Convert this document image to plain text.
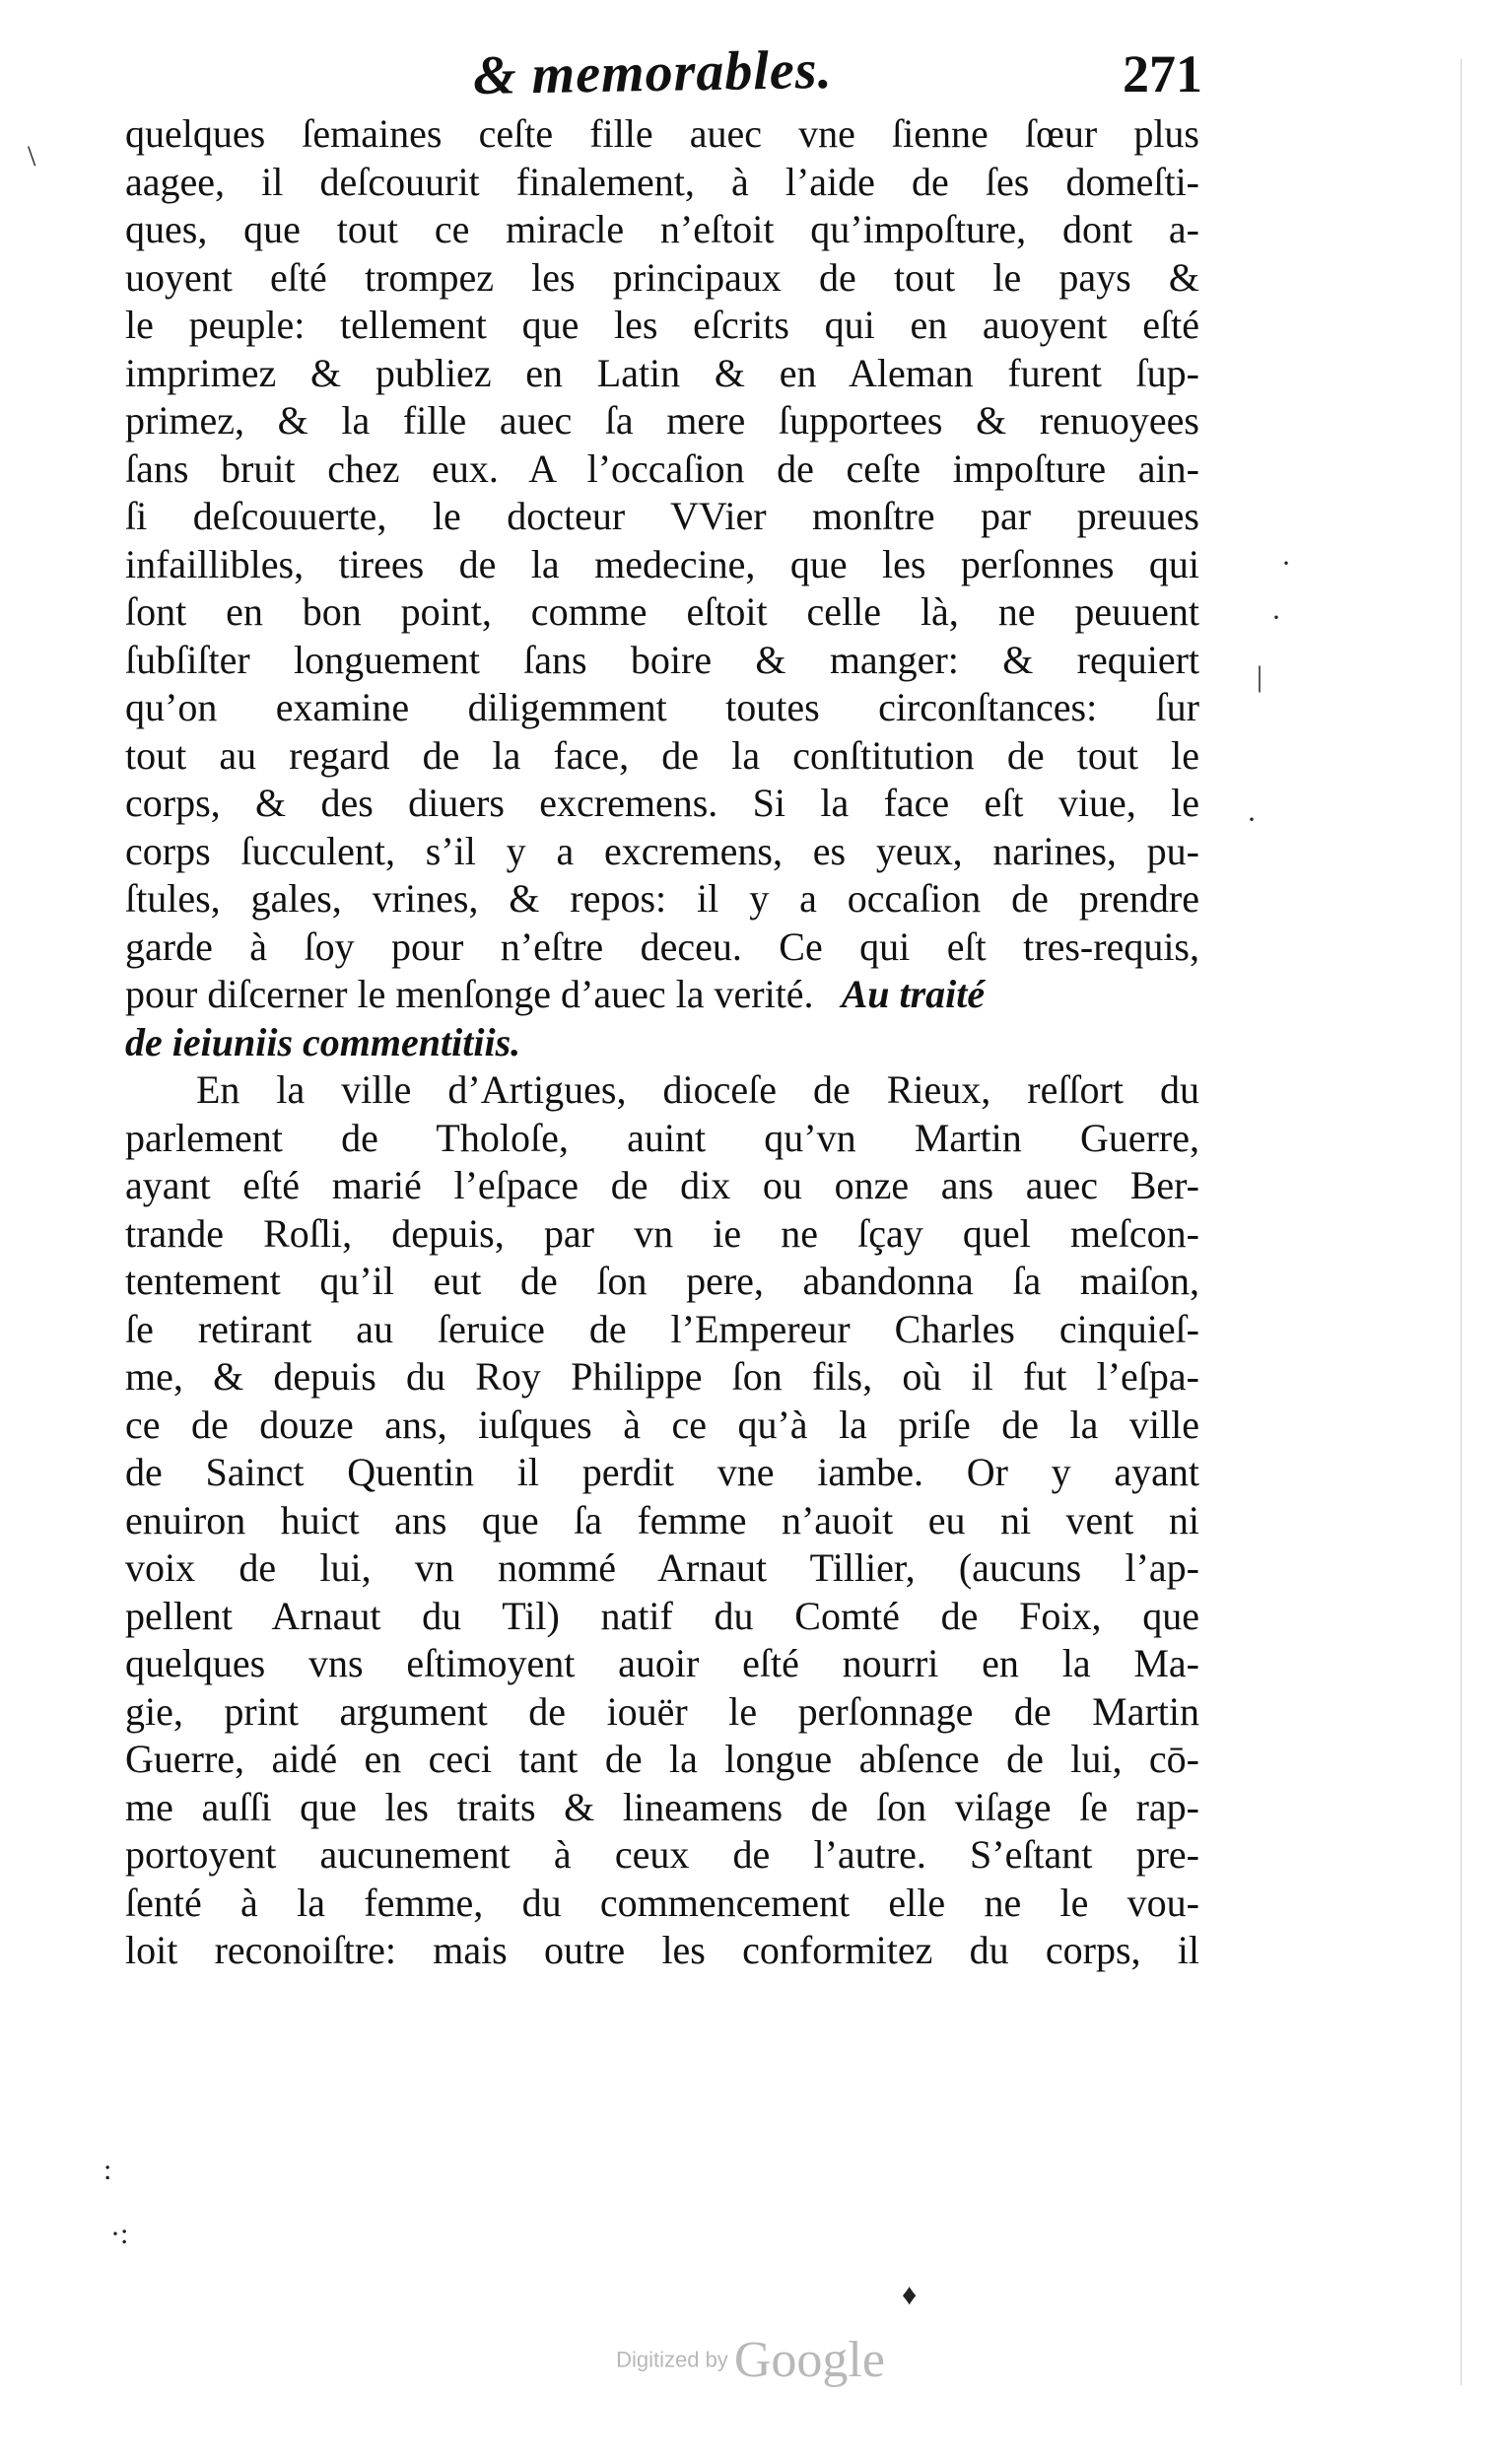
& memorables.	271
\
·
·
|
·
:
·:
♦
quelques ſemaines ceſte fille auec vne ſienne ſœur plus
aagee, il deſcouurit finalement, à l’aide de ſes domeſti-
ques, que tout ce miracle n’eſtoit qu’impoſture, dont a-
uoyent eſté trompez les principaux de tout le pays &
le peuple: tellement que les eſcrits qui en auoyent eſté
imprimez & publiez en Latin & en Aleman furent ſup-
primez, & la fille auec ſa mere ſupportees & renuoyees
ſans bruit chez eux. A l’occaſion de ceſte impoſture ain-
ſi deſcouuerte, le docteur VVier monſtre par preuues
infaillibles, tirees de la medecine, que les perſonnes qui
ſont en bon point, comme eſtoit celle là, ne peuuent
ſubſiſter longuement ſans boire & manger: & requiert
qu’on examine diligemment toutes circonſtances: ſur
tout au regard de la face, de la conſtitution de tout le
corps, & des diuers excremens. Si la face eſt viue, le
corps ſucculent, s’il y a excremens, es yeux, narines, pu-
ſtules, gales, vrines, & repos: il y a occaſion de prendre
garde à ſoy pour n’eſtre deceu. Ce qui eſt tres-requis,
pour diſcerner le menſonge d’auec la verité. Au traité
de ieiuniis commentitiis.
En la ville d’Artigues, dioceſe de Rieux, reſſort du
parlement de Tholoſe, auint qu’vn Martin Guerre,
ayant eſté marié l’eſpace de dix ou onze ans auec Ber-
trande Roſli, depuis, par vn ie ne ſçay quel meſcon-
tentement qu’il eut de ſon pere, abandonna ſa maiſon,
ſe retirant au ſeruice de l’Empereur Charles cinquieſ-
me, & depuis du Roy Philippe ſon fils, où il fut l’eſpa-
ce de douze ans, iuſques à ce qu’à la priſe de la ville
de Sainct Quentin il perdit vne iambe. Or y ayant
enuiron huict ans que ſa femme n’auoit eu ni vent ni
voix de lui, vn nommé Arnaut Tillier, (aucuns l’ap-
pellent Arnaut du Til) natif du Comté de Foix, que
quelques vns eſtimoyent auoir eſté nourri en la Ma-
gie, print argument de iouër le perſonnage de Martin
Guerre, aidé en ceci tant de la longue abſence de lui, cō-
me auſſi que les traits & lineamens de ſon viſage ſe rap-
portoyent aucunement à ceux de l’autre. S’eſtant pre-
ſenté à la femme, du commencement elle ne le vou-
loit reconoiſtre: mais outre les conformitez du corps, il
Digitized by Google
